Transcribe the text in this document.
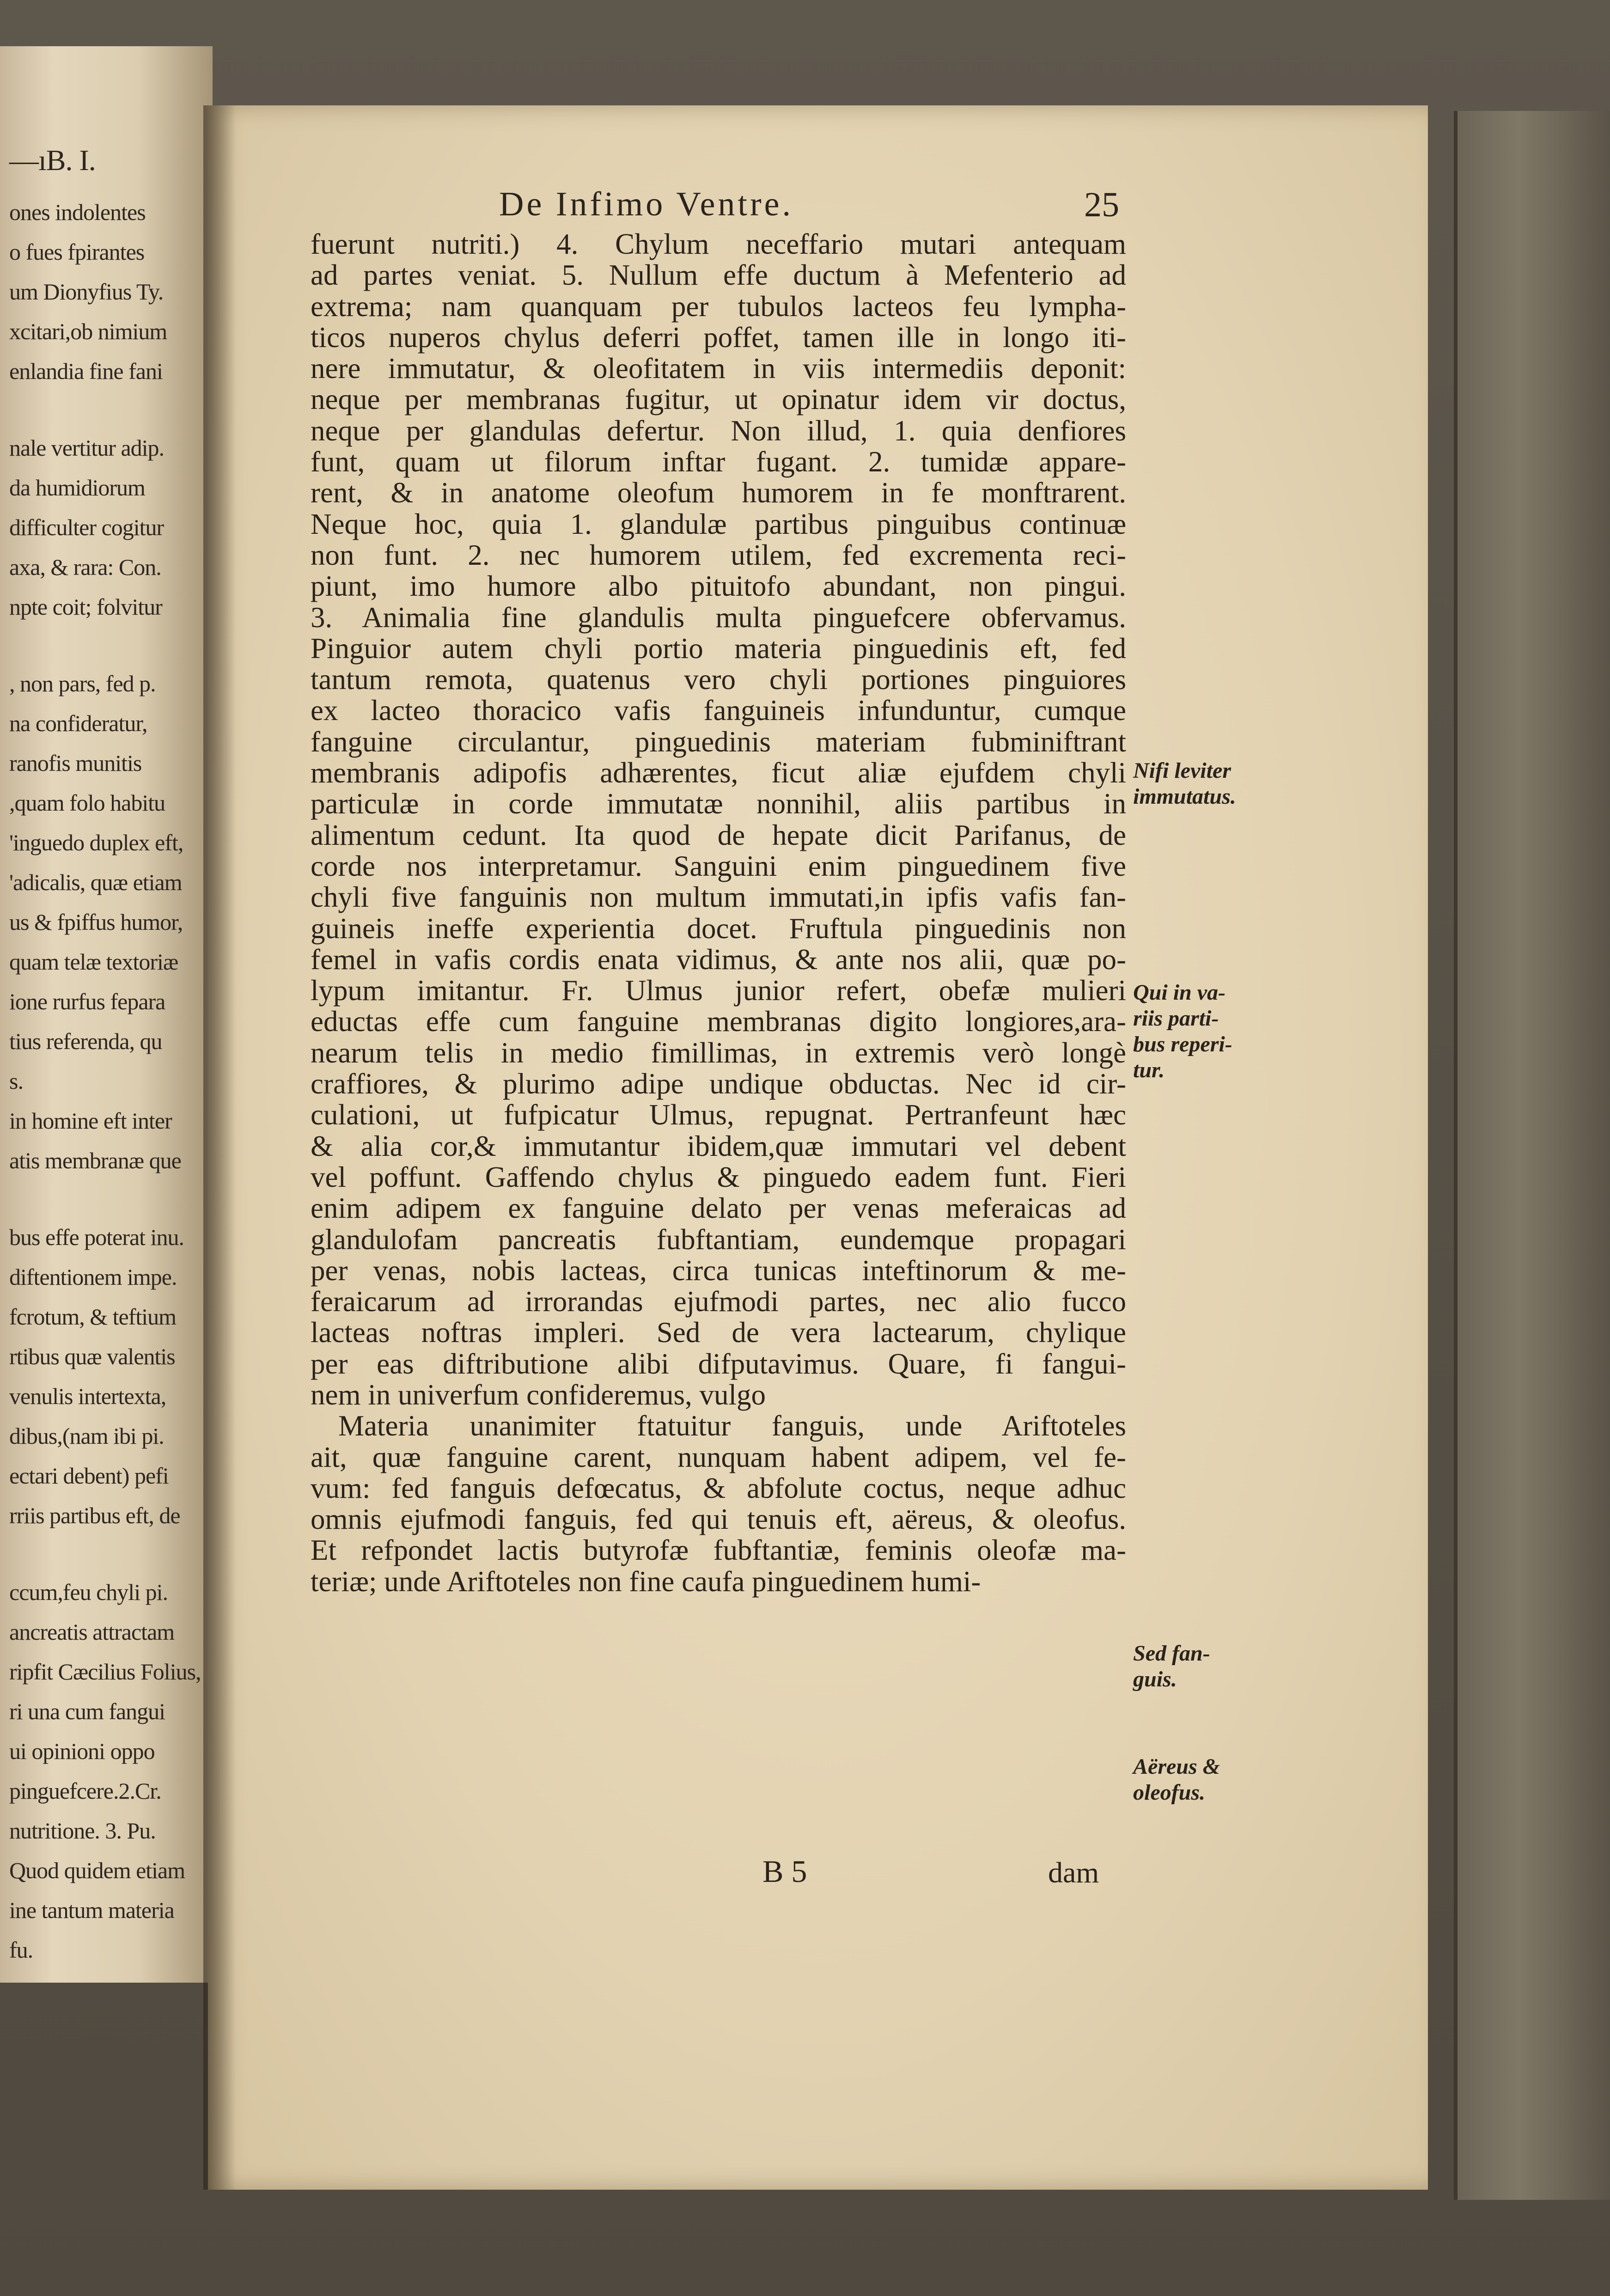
—ıB. I.
ones indolentes
o fues fpirantes
um Dionyfius Ty.
xcitari,ob nimium
enlandia fine fani
nale vertitur adip.
da humidiorum
difficulter cogitur
axa, & rara: Con.
npte coit; folvitur
, non pars, fed p.
na confideratur,
ranofis munitis
,quam folo habitu
'inguedo duplex eft,
'adicalis, quæ etiam
us & fpiffus humor,
quam telæ textoriæ
ione rurfus fepara
tius referenda, qu
s.
in homine eft inter
atis membranæ que
bus effe poterat inu.
diftentionem impe.
fcrotum, & teftium
rtibus quæ valentis
venulis intertexta,
dibus,(nam ibi pi.
ectari debent) pefi
rriis partibus eft, de
ccum,feu chyli pi.
ancreatis attractam
ripfit Cæcilius Folius,
ri una cum fangui
ui opinioni oppo
pinguefcere.2.Cr.
nutritione. 3. Pu.
Quod quidem etiam
ine tantum materia
fu.
De Infimo Ventre.	25
fuerunt nutriti.) 4. Chylum neceffario mutari antequam
ad partes veniat. 5. Nullum effe ductum à Mefenterio ad
extrema; nam quanquam per tubulos lacteos feu lympha-
ticos nuperos chylus deferri poffet, tamen ille in longo iti-
nere immutatur, & oleofitatem in viis intermediis deponit:
neque per membranas fugitur, ut opinatur idem vir doctus,
neque per glandulas defertur. Non illud, 1. quia denfiores
funt, quam ut filorum inftar fugant. 2. tumidæ appare-
rent, & in anatome oleofum humorem in fe monftrarent.
Neque hoc, quia 1. glandulæ partibus pinguibus continuæ
non funt. 2. nec humorem utilem, fed excrementa reci-
piunt, imo humore albo pituitofo abundant, non pingui.
3. Animalia fine glandulis multa pinguefcere obfervamus.
Pinguior autem chyli portio materia pinguedinis eft, fed
tantum remota, quatenus vero chyli portiones pinguiores
ex lacteo thoracico vafis fanguineis infunduntur, cumque
fanguine circulantur, pinguedinis materiam fubminiftrant
membranis adipofis adhærentes, ficut aliæ ejufdem chyli
particulæ in corde immutatæ nonnihil, aliis partibus in
alimentum cedunt. Ita quod de hepate dicit Parifanus, de
corde nos interpretamur. Sanguini enim pinguedinem five
chyli five fanguinis non multum immutati,in ipfis vafis fan-
guineis ineffe experientia docet. Fruftula pinguedinis non
femel in vafis cordis enata vidimus, & ante nos alii, quæ po-
lypum imitantur. Fr. Ulmus junior refert, obefæ mulieri
eductas effe cum fanguine membranas digito longiores,ara-
nearum telis in medio fimillimas, in extremis verò longè
craffiores, & plurimo adipe undique obductas. Nec id cir-
culationi, ut fufpicatur Ulmus, repugnat. Pertranfeunt hæc
& alia cor,& immutantur ibidem,quæ immutari vel debent
vel poffunt. Gaffendo chylus & pinguedo eadem funt. Fieri
enim adipem ex fanguine delato per venas meferaicas ad
glandulofam pancreatis fubftantiam, eundemque propagari
per venas, nobis lacteas, circa tunicas inteftinorum & me-
feraicarum ad irrorandas ejufmodi partes, nec alio fucco
lacteas noftras impleri. Sed de vera lactearum, chylique
per eas diftributione alibi difputavimus. Quare, fi fangui-
nem in univerfum confideremus, vulgo
Materia unanimiter ftatuitur fanguis, unde Ariftoteles
ait, quæ fanguine carent, nunquam habent adipem, vel fe-
vum: fed fanguis defœcatus, & abfolute coctus, neque adhuc
omnis ejufmodi fanguis, fed qui tenuis eft, aëreus, & oleofus.
Et refpondet lactis butyrofæ fubftantiæ, feminis oleofæ ma-
teriæ; unde Ariftoteles non fine caufa pinguedinem humi-
Nifi leviter
immutatus.
Qui in va-
riis parti-
bus reperi-
tur.
Sed fan-
guis.
Aëreus &
oleofus.
B 5	dam
